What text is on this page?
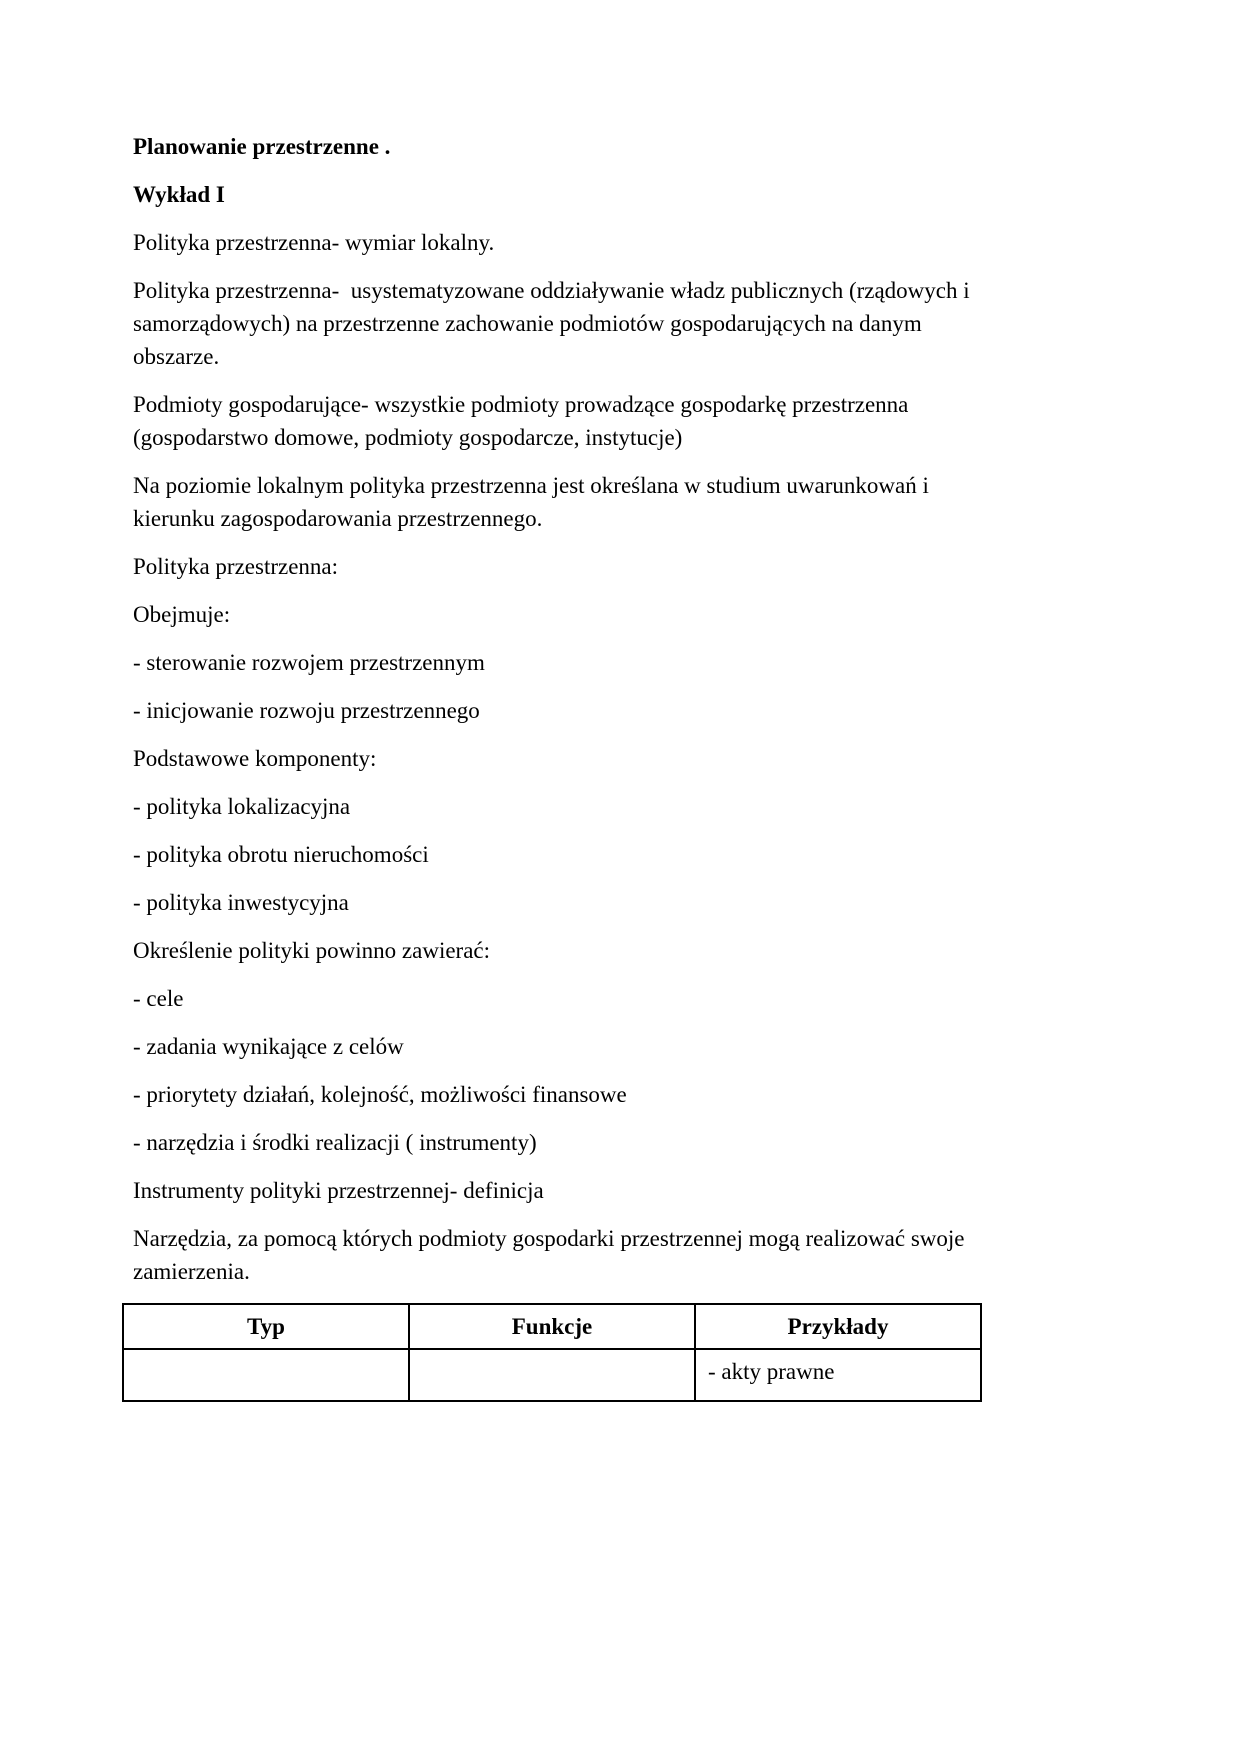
Planowanie przestrzenne .

Wykład I

Polityka przestrzenna- wymiar lokalny.

Polityka przestrzenna-  usystematyzowane oddziaływanie władz publicznych (rządowych i samorządowych) na przestrzenne zachowanie podmiotów gospodarujących na danym obszarze.

Podmioty gospodarujące- wszystkie podmioty prowadzące gospodarkę przestrzenna (gospodarstwo domowe, podmioty gospodarcze, instytucje)

Na poziomie lokalnym polityka przestrzenna jest określana w studium uwarunkowań i kierunku zagospodarowania przestrzennego.

Polityka przestrzenna:

Obejmuje:

- sterowanie rozwojem przestrzennym

- inicjowanie rozwoju przestrzennego

Podstawowe komponenty:

- polityka lokalizacyjna

- polityka obrotu nieruchomości

- polityka inwestycyjna

Określenie polityki powinno zawierać:

- cele

- zadania wynikające z celów

- priorytety działań, kolejność, możliwości finansowe

- narzędzia i środki realizacji ( instrumenty)

Instrumenty polityki przestrzennej- definicja

Narzędzia, za pomocą których podmioty gospodarki przestrzennej mogą realizować swoje zamierzenia.

Typ	Funkcje	Przykłady
		- akty prawne
